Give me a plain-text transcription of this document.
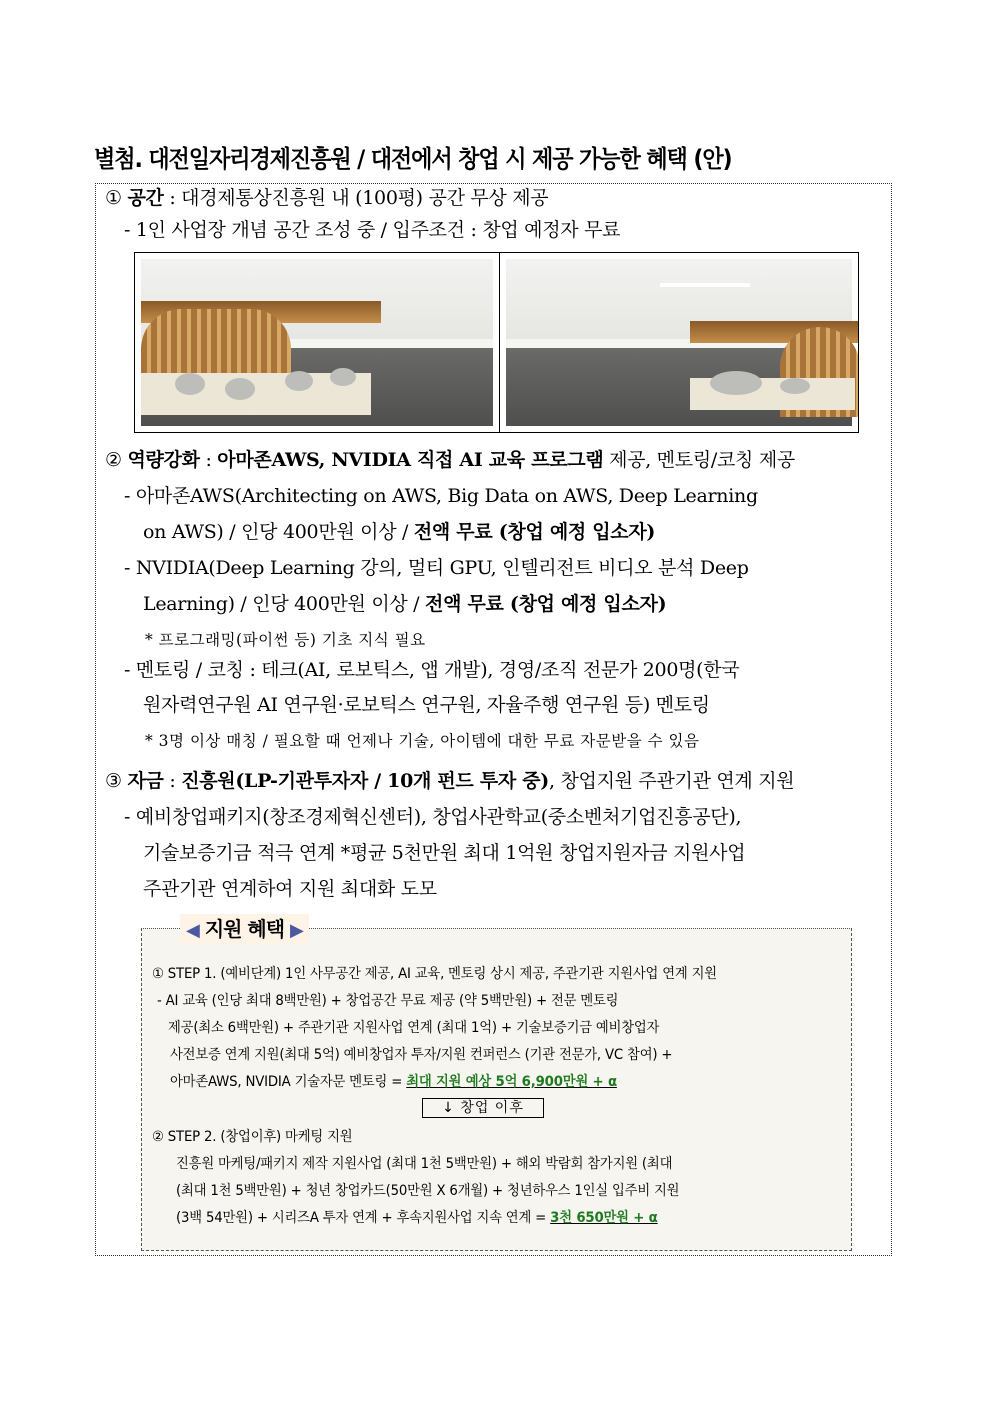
별첨. 대전일자리경제진흥원 / 대전에서 창업 시 제공 가능한 혜택 (안)
① 공간 : 대경제통상진흥원 내 (100평) 공간 무상 제공
- 1인 사업장 개념 공간 조성 중 / 입주조건 : 창업 예정자 무료
② 역량강화 : 아마존AWS, NVIDIA 직접 AI 교육 프로그램 제공, 멘토링/코칭 제공
- 아마존AWS(Architecting on AWS, Big Data on AWS, Deep Learning
on AWS) / 인당 400만원 이상 / 전액 무료 (창업 예정 입소자)
- NVIDIA(Deep Learning 강의, 멀티 GPU, 인텔리전트 비디오 분석 Deep
Learning) / 인당 400만원 이상 / 전액 무료 (창업 예정 입소자)
* 프로그래밍(파이썬 등) 기초 지식 필요
- 멘토링 / 코칭 : 테크(AI, 로보틱스, 앱 개발), 경영/조직 전문가 200명(한국
원자력연구원 AI 연구원·로보틱스 연구원, 자율주행 연구원 등) 멘토링
* 3명 이상 매칭 / 필요할 때 언제나 기술, 아이템에 대한 무료 자문받을 수 있음
③ 자금 : 진흥원(LP-기관투자자 / 10개 펀드 투자 중), 창업지원 주관기관 연계 지원
- 예비창업패키지(창조경제혁신센터), 창업사관학교(중소벤처기업진흥공단),
기술보증기금 적극 연계 *평균 5천만원 최대 1억원 창업지원자금 지원사업
주관기관 연계하여 지원 최대화 도모
◀ 지원 혜택 ▶
① STEP 1. (예비단계) 1인 사무공간 제공, AI 교육, 멘토링 상시 제공, 주관기관 지원사업 연계 지원
- AI 교육 (인당 최대 8백만원) + 창업공간 무료 제공 (약 5백만원) + 전문 멘토링
제공(최소 6백만원) + 주관기관 지원사업 연계 (최대 1억) + 기술보증기금 예비창업자
사전보증 연계 지원(최대 5억) 예비창업자 투자/지원 컨퍼런스 (기관 전문가, VC 참여) +
아마존AWS, NVIDIA 기술자문 멘토링 = 최대 지원 예상 5억 6,900만원 + α
↓ 창업 이후
② STEP 2. (창업이후) 마케팅 지원
진흥원 마케팅/패키지 제작 지원사업 (최대 1천 5백만원) + 해외 박람회 참가지원 (최대
(최대 1천 5백만원) + 청년 창업카드(50만원 X 6개월) + 청년하우스 1인실 입주비 지원
(3백 54만원) + 시리즈A 투자 연계 + 후속지원사업 지속 연계 = 3천 650만원 + α
